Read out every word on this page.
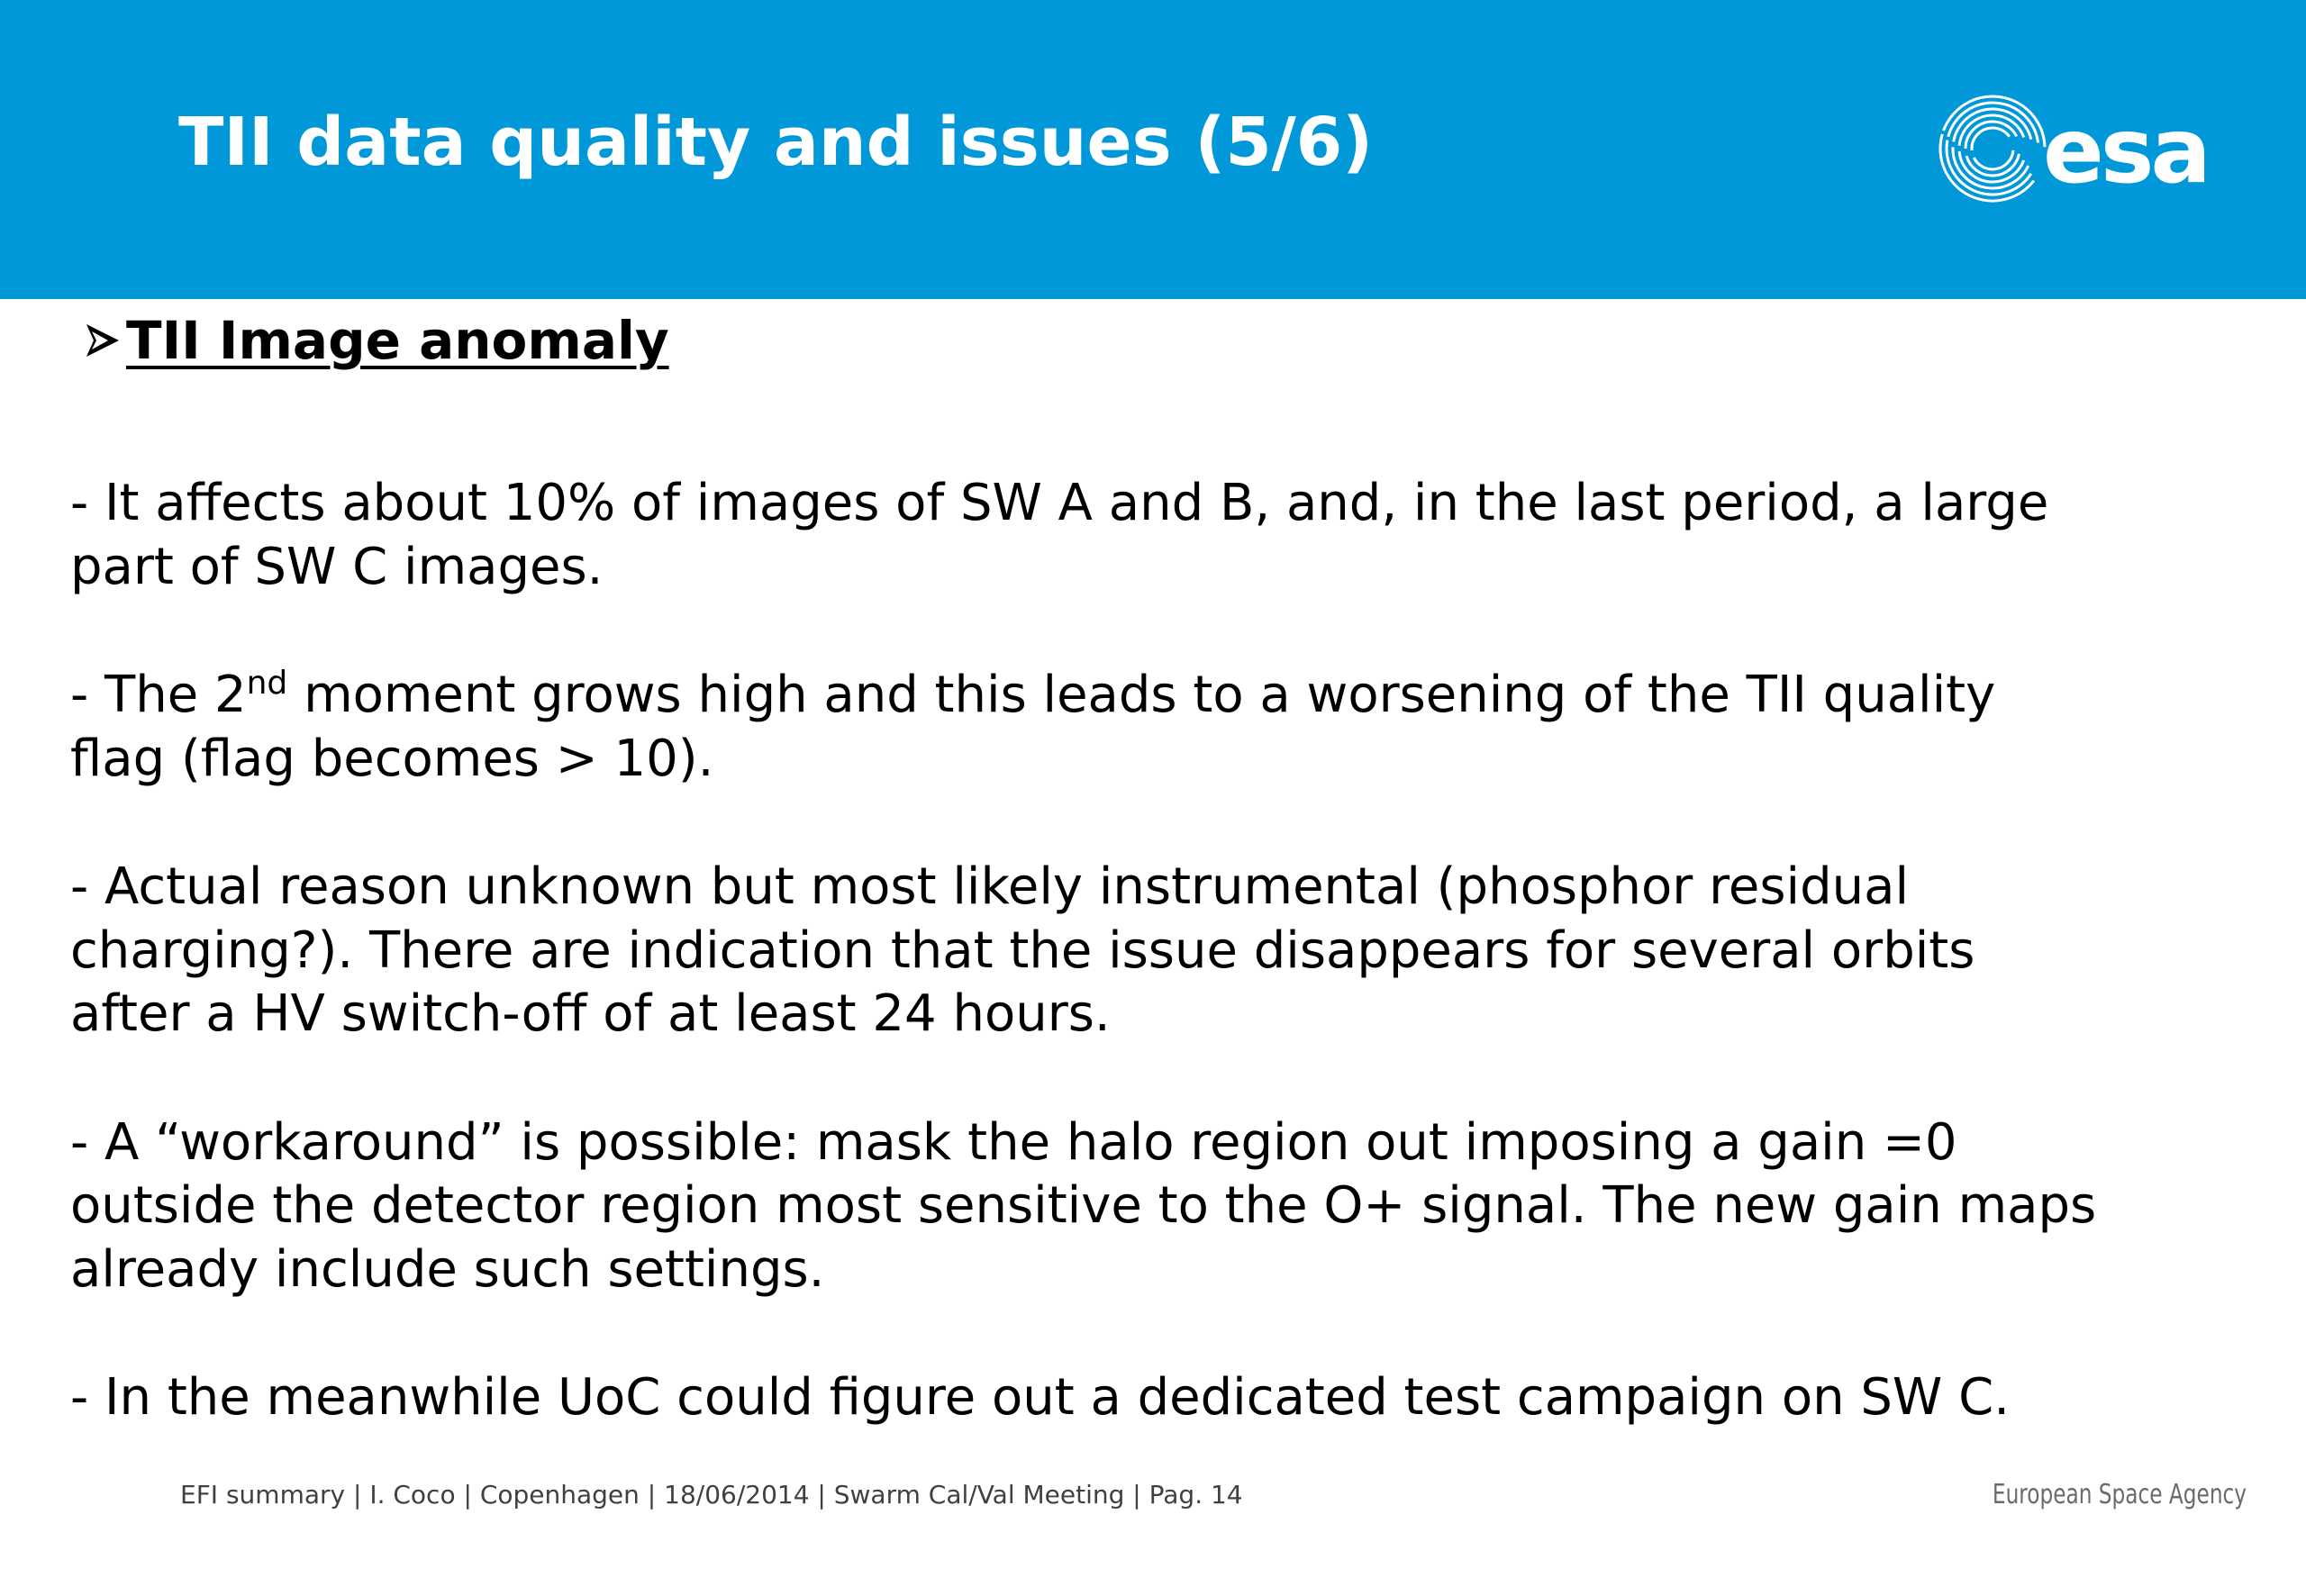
TII data quality and issues (5/6)	esa
TII Image anomaly

- It affects about 10% of images of SW A and B, and, in the last period, a large
part of SW C images.

- The 2nd moment grows high and this leads to a worsening of the TII quality
flag (flag becomes > 10).

- Actual reason unknown but most likely instrumental (phosphor residual
charging?). There are indication that the issue disappears for several orbits
after a HV switch-off of at least 24 hours.

- A “workaround” is possible: mask the halo region out imposing a gain =0
outside the detector region most sensitive to the O+ signal. The new gain maps
already include such settings.

- In the meanwhile UoC could figure out a dedicated test campaign on SW C.

EFI summary | I. Coco | Copenhagen | 18/06/2014 | Swarm Cal/Val Meeting | Pag. 14	European Space Agency
